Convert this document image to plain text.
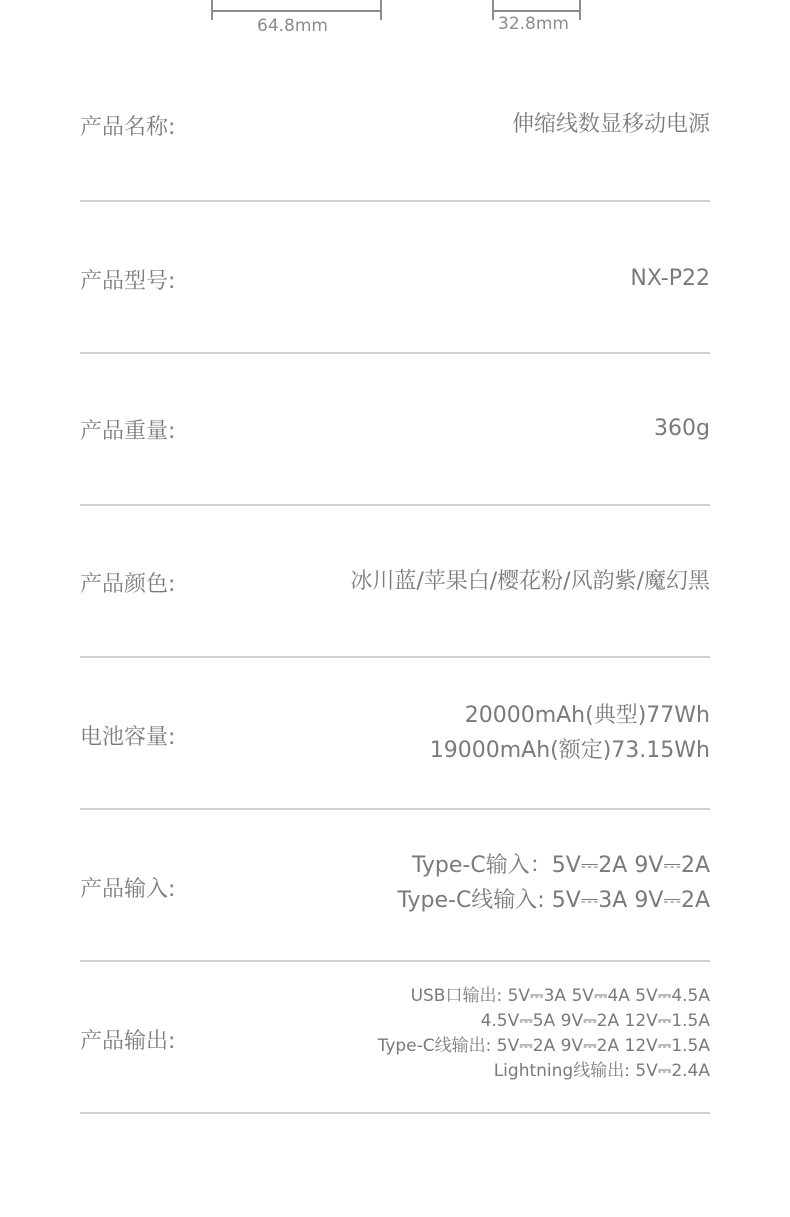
64.8mm	32.8mm
产品名称:	伸缩线数显移动电源
产品型号:	NX-P22
产品重量:	360g
产品颜色:	冰川蓝/苹果白/樱花粉/风韵紫/魔幻黑
电池容量:
20000mAh(典型)77Wh
19000mAh(额定)73.15Wh
产品输入:
Type-C输入：5V⎓2A 9V⎓2A
Type-C线输入: 5V⎓3A 9V⎓2A
产品输出:
USB口输出: 5V⎓3A 5V⎓4A 5V⎓4.5A
4.5V⎓5A 9V⎓2A 12V⎓1.5A
Type-C线输出: 5V⎓2A 9V⎓2A 12V⎓1.5A
Lightning线输出: 5V⎓2.4A
